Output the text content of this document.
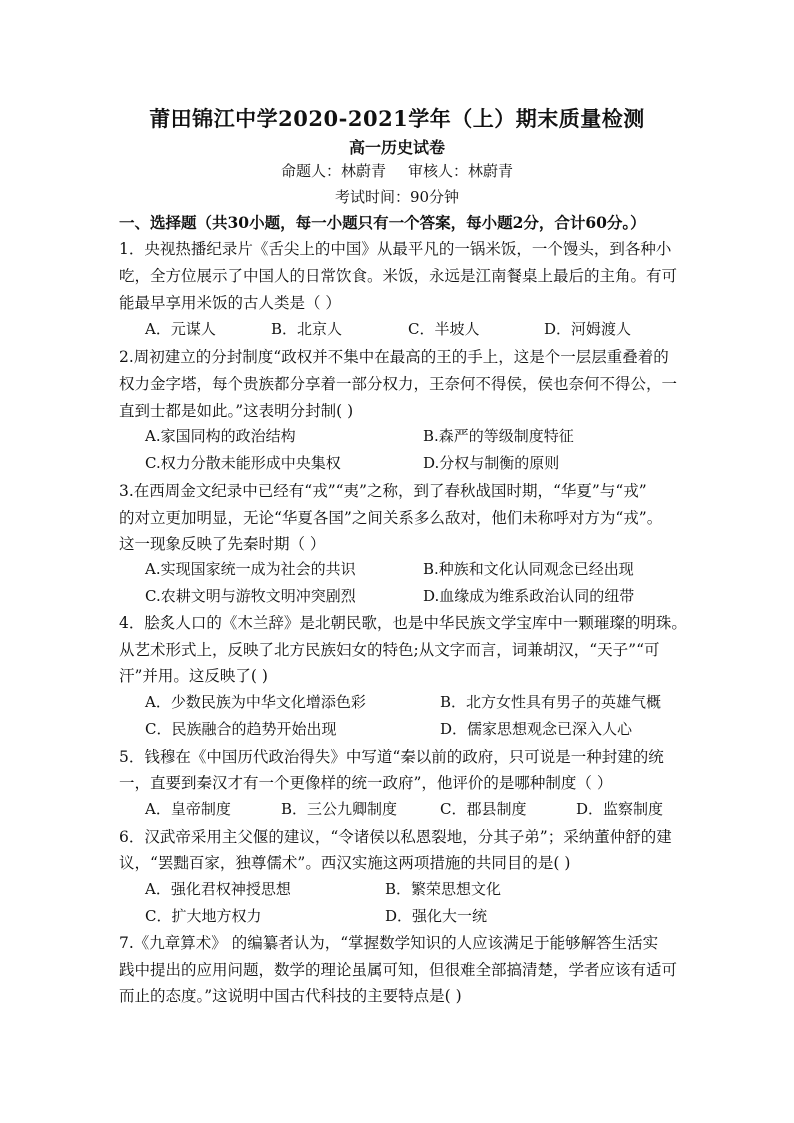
莆田锦江中学2020-2021学年（上）期末质量检测
高一历史试卷
命题人：林蔚青 审核人：林蔚青
考试时间：90分钟
一、选择题（共30小题，每一小题只有一个答案，每小题2分，合计60分。）
1．央视热播纪录片《舌尖上的中国》从最平凡的一锅米饭，一个馒头，到各种小
吃，全方位展示了中国人的日常饮食。米饭，永远是江南餐桌上最后的主角。有可
能最早享用米饭的古人类是（ ）
A．元谋人	B．北京人	C．半坡人	D．河姆渡人
2.周初建立的分封制度“政权并不集中在最高的王的手上，这是个一层层重叠着的
权力金字塔，每个贵族都分享着一部分权力，王奈何不得侯，侯也奈何不得公，一
直到士都是如此。”这表明分封制( )
A.家国同构的政治结构	B.森严的等级制度特征
C.权力分散未能形成中央集权	D.分权与制衡的原则
3.在西周金文纪录中已经有“戎”“夷”之称，到了春秋战国时期，“华夏”与“戎”
的对立更加明显，无论“华夏各国”之间关系多么敌对，他们未称呼对方为“戎”。
这一现象反映了先秦时期（ ）
A.实现国家统一成为社会的共识	B.种族和文化认同观念已经出现
C.农耕文明与游牧文明冲突剧烈	D.血缘成为维系政治认同的纽带
4．脍炙人口的《木兰辞》是北朝民歌，也是中华民族文学宝库中一颗璀璨的明珠。
从艺术形式上，反映了北方民族妇女的特色;从文字而言，词兼胡汉，“天子”“可
汗”并用。这反映了( )
A．少数民族为中华文化增添色彩	B．北方女性具有男子的英雄气概
C．民族融合的趋势开始出现	D．儒家思想观念已深入人心
5．钱穆在《中国历代政治得失》中写道“秦以前的政府，只可说是一种封建的统
一，直要到秦汉才有一个更像样的统一政府”，他评价的是哪种制度（ ）
A．皇帝制度	B．三公九卿制度	C．郡县制度	D．监察制度
6．汉武帝采用主父偃的建议，“令诸侯以私恩裂地，分其子弟”；采纳董仲舒的建
议，“罢黜百家，独尊儒术”。西汉实施这两项措施的共同目的是( )
A．强化君权神授思想	B．繁荣思想文化
C．扩大地方权力	D．强化大一统
7.《九章算术》 的编纂者认为，“掌握数学知识的人应该满足于能够解答生活实
践中提出的应用问题，数学的理论虽属可知，但很难全部搞清楚，学者应该有适可
而止的态度。”这说明中国古代科技的主要特点是( )
